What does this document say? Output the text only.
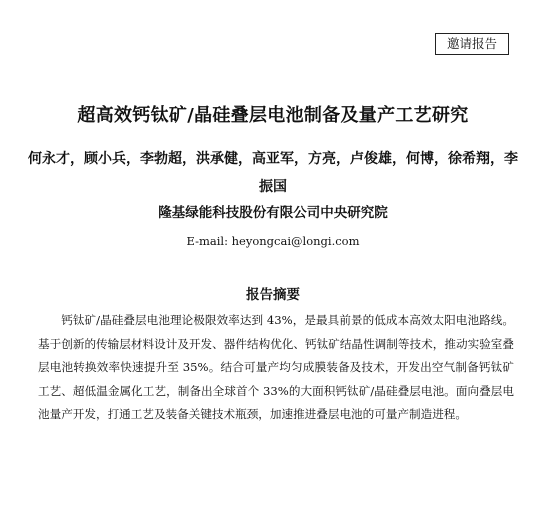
邀请报告
超高效钙钛矿/晶硅叠层电池制备及量产工艺研究
何永才，顾小兵，李勃超，洪承健，高亚军，方亮，卢俊雄，何博，徐希翔，李振国
隆基绿能科技股份有限公司中央研究院
E-mail: heyongcai@longi.com
报告摘要

钙钛矿/晶硅叠层电池理论极限效率达到 43%，是最具前景的低成本高效太阳电池路线。基于创新的传输层材料设计及开发、器件结构优化、钙钛矿结晶性调制等技术，推动实验室叠层电池转换效率快速提升至 35%。结合可量产均匀成膜装备及技术，开发出空气制备钙钛矿工艺、超低温金属化工艺，制备出全球首个 33%的大面积钙钛矿/晶硅叠层电池。面向叠层电池量产开发，打通工艺及装备关键技术瓶颈，加速推进叠层电池的可量产制造进程。
